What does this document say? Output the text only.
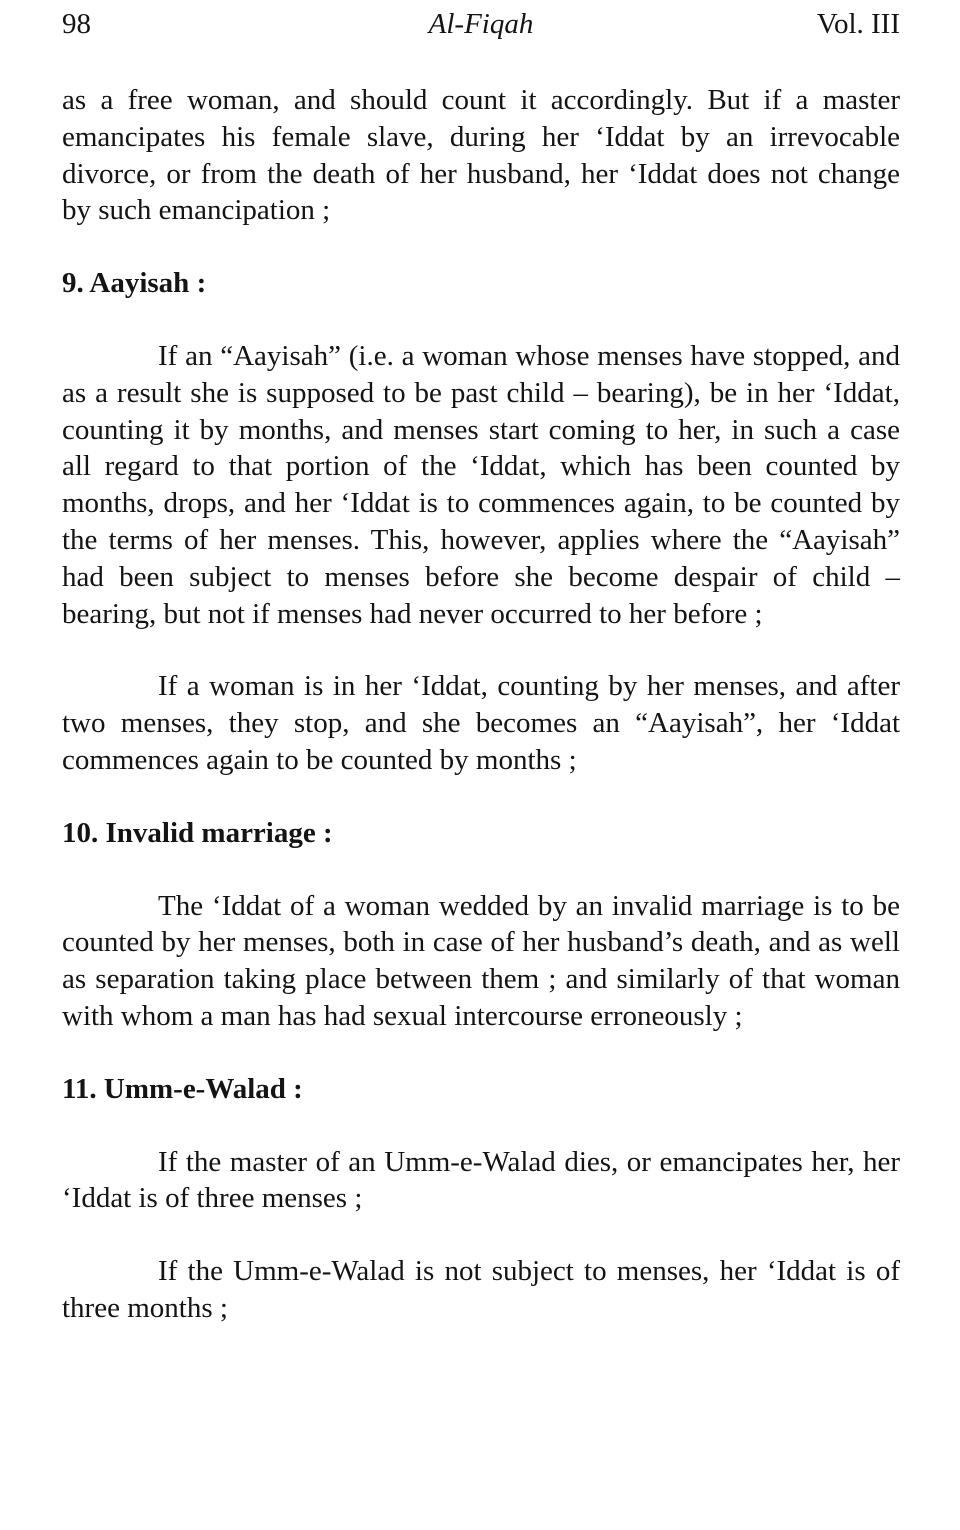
98	Al-Fiqah	Vol. III

as a free woman, and should count it accordingly. But if a master emancipates his female slave, during her ‘Iddat by an irrevocable divorce, or from the death of her husband, her ‘Iddat does not change by such emancipation ;

9. Aayisah :

If an “Aayisah” (i.e. a woman whose menses have stopped, and as a result she is supposed to be past child – bearing), be in her ‘Iddat, counting it by months, and menses start coming to her, in such a case all regard to that portion of the ‘Iddat, which has been counted by months, drops, and her ‘Iddat is to commences again, to be counted by the terms of her menses. This, however, applies where the “Aayisah” had been subject to menses before she become despair of child – bearing, but not if menses had never occurred to her before ;

If a woman is in her ‘Iddat, counting by her menses, and after two menses, they stop, and she becomes an “Aayisah”, her ‘Iddat commences again to be counted by months ;

10. Invalid marriage :

The ‘Iddat of a woman wedded by an invalid marriage is to be counted by her menses, both in case of her husband’s death, and as well as separation taking place between them ; and similarly of that woman with whom a man has had sexual intercourse erroneously ;

11. Umm-e-Walad :

If the master of an Umm-e-Walad dies, or emancipates her, her ‘Iddat is of three menses ;

If the Umm-e-Walad is not subject to menses, her ‘Iddat is of three months ;
